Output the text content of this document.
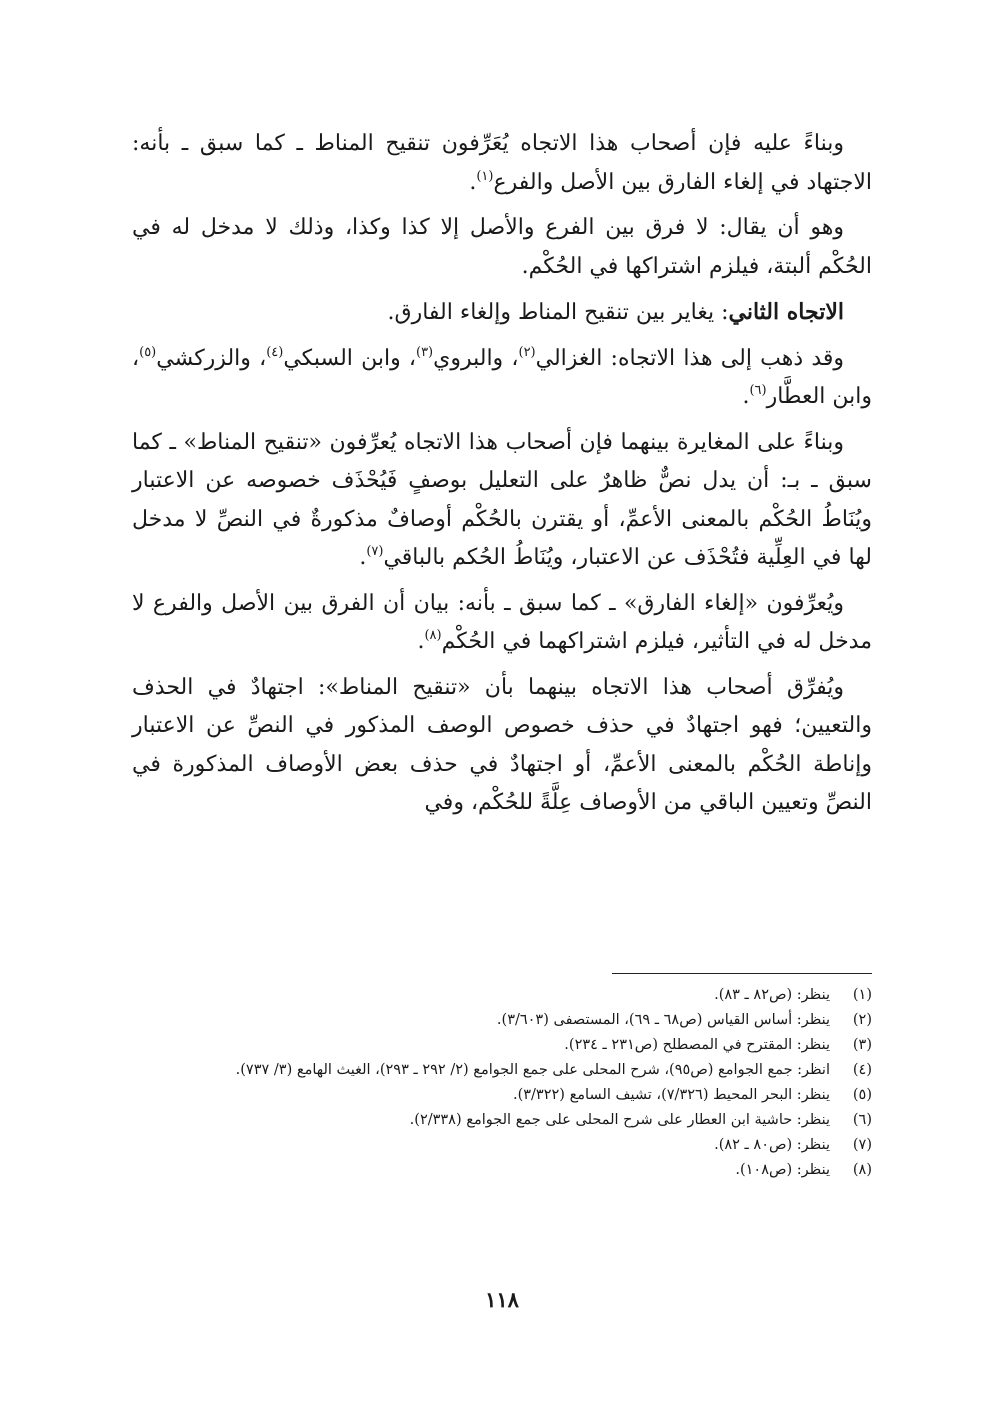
وبناءً عليه فإن أصحاب هذا الاتجاه يُعَرِّفون تنقيح المناط ـ كما سبق ـ بأنه: الاجتهاد في إلغاء الفارق بين الأصل والفرع$^{(١)}$.

وهو أن يقال: لا فرق بين الفرع والأصل إلا كذا وكذا، وذلك لا مدخل له في الحُكْم ألبتة، فيلزم اشتراكها في الحُكْم.

الاتجاه الثاني: يغاير بين تنقيح المناط وإلغاء الفارق.

وقد ذهب إلى هذا الاتجاه: الغزالي$^{(٢)}$، والبروي$^{(٣)}$، وابن السبكي$^{(٤)}$، والزركشي$^{(٥)}$، وابن العطَّار$^{(٦)}$.

وبناءً على المغايرة بينهما فإن أصحاب هذا الاتجاه يُعرِّفون «تنقيح المناط» ـ كما سبق ـ بـ: أن يدل نصٌّ ظاهرٌ على التعليل بوصفٍ فَيُحْذَف خصوصه عن الاعتبار ويُنَاطُ الحُكْم بالمعنى الأعمِّ، أو يقترن بالحُكْم أوصافٌ مذكورةٌ في النصِّ لا مدخل لها في العِلِّية فتُحْذَف عن الاعتبار، ويُنَاطُ الحُكم بالباقي$^{(٧)}$.

ويُعرِّفون «إلغاء الفارق» ـ كما سبق ـ بأنه: بيان أن الفرق بين الأصل والفرع لا مدخل له في التأثير، فيلزم اشتراكهما في الحُكْم$^{(٨)}$.

ويُفرِّق أصحاب هذا الاتجاه بينهما بأن «تنقيح المناط»: اجتهادٌ في الحذف والتعيين؛ فهو اجتهادٌ في حذف خصوص الوصف المذكور في النصِّ عن الاعتبار وإناطة الحُكْم بالمعنى الأعمِّ، أو اجتهادٌ في حذف بعض الأوصاف المذكورة في النصِّ وتعيين الباقي من الأوصاف عِلَّةً للحُكْم، وفي

(١)
ينظر: (ص٨٢ ـ ٨٣).
(٢)
ينظر: أساس القياس (ص٦٨ ـ ٦٩)، المستصفى (٣/٦٠٣).
(٣)
ينظر: المقترح في المصطلح (ص٢٣١ ـ ٢٣٤).
(٤)
انظر: جمع الجوامع (ص٩٥)، شرح المحلى على جمع الجوامع (٢/ ٢٩٢ ـ ٢٩٣)، الغيث الهامع (٣/ ٧٣٧).
(٥)
ينظر: البحر المحيط (٧/٣٢٦)، تشيف السامع (٣/٣٢٢).
(٦)
ينظر: حاشية ابن العطار على شرح المحلى على جمع الجوامع (٢/٣٣٨).
(٧)
ينظر: (ص٨٠ ـ ٨٢).
(٨)
ينظر: (ص١٠٨).
١١٨
